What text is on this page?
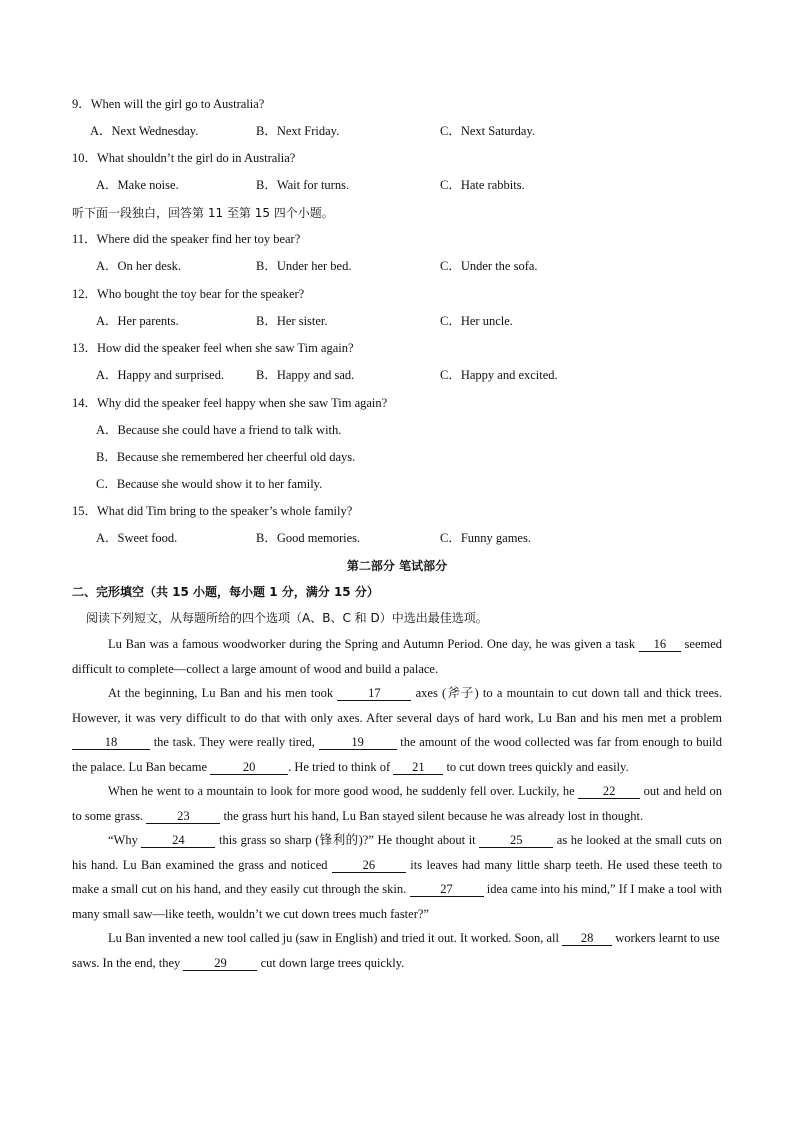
9．When will the girl go to Australia?
A．Next Wednesday.	B．Next Friday.	C．Next Saturday.
10．What shouldn’t the girl do in Australia?
A．Make noise.	B．Wait for turns.	C．Hate rabbits.
听下面一段独白，回答第 11 至第 15 四个小题。
11．Where did the speaker find her toy bear?
A．On her desk.	B．Under her bed.	C．Under the sofa.
12．Who bought the toy bear for the speaker?
A．Her parents.	B．Her sister.	C．Her uncle.
13．How did the speaker feel when she saw Tim again?
A．Happy and surprised.	B．Happy and sad.	C．Happy and excited.
14．Why did the speaker feel happy when she saw Tim again?
A．Because she could have a friend to talk with.
B．Because she remembered her cheerful old days.
C．Because she would show it to her family.
15．What did Tim bring to the speaker’s whole family?
A．Sweet food.	B．Good memories.	C．Funny games.
第二部分 笔试部分
二、完形填空（共 15 小题，每小题 1 分，满分 15 分）
阅读下列短文，从每题所给的四个选项（A、B、C 和 D）中选出最佳选项。

Lu Ban was a famous woodworker during the Spring and Autumn Period. One day, he was given a task 16 seemed difficult to complete—collect a large amount of wood and build a palace.

At the beginning, Lu Ban and his men took 17 axes (斧子) to a mountain to cut down tall and thick trees. However, it was very difficult to do that with only axes. After several days of hard work, Lu Ban and his men met a problem 18	the task. They were really tired,	19	the amount of the wood collected was far from enough to build the palace. Lu Ban became	20	. He tried to think of 21 to cut down trees quickly and easily.

When he went to a mountain to look for more good wood, he suddenly fell over. Luckily, he 22 out and held on to some grass. 23 the grass hurt his hand, Lu Ban stayed silent because he was already lost in thought.

“Why 24 this grass so sharp (锋利的)?” He thought about it 25 as he looked at the small cuts on his hand. Lu Ban examined the grass and noticed 26 its leaves had many little sharp teeth. He used these teeth to make a small cut on his hand, and they easily cut through the skin. 27 idea came into his mind,” If I make a tool with many small saw—like teeth, wouldn’t we cut down trees much faster?”

Lu Ban invented a new tool called ju (saw in English) and tried it out. It worked. Soon, all 28 workers learnt to use saws. In the end, they 29 cut down large trees quickly.
